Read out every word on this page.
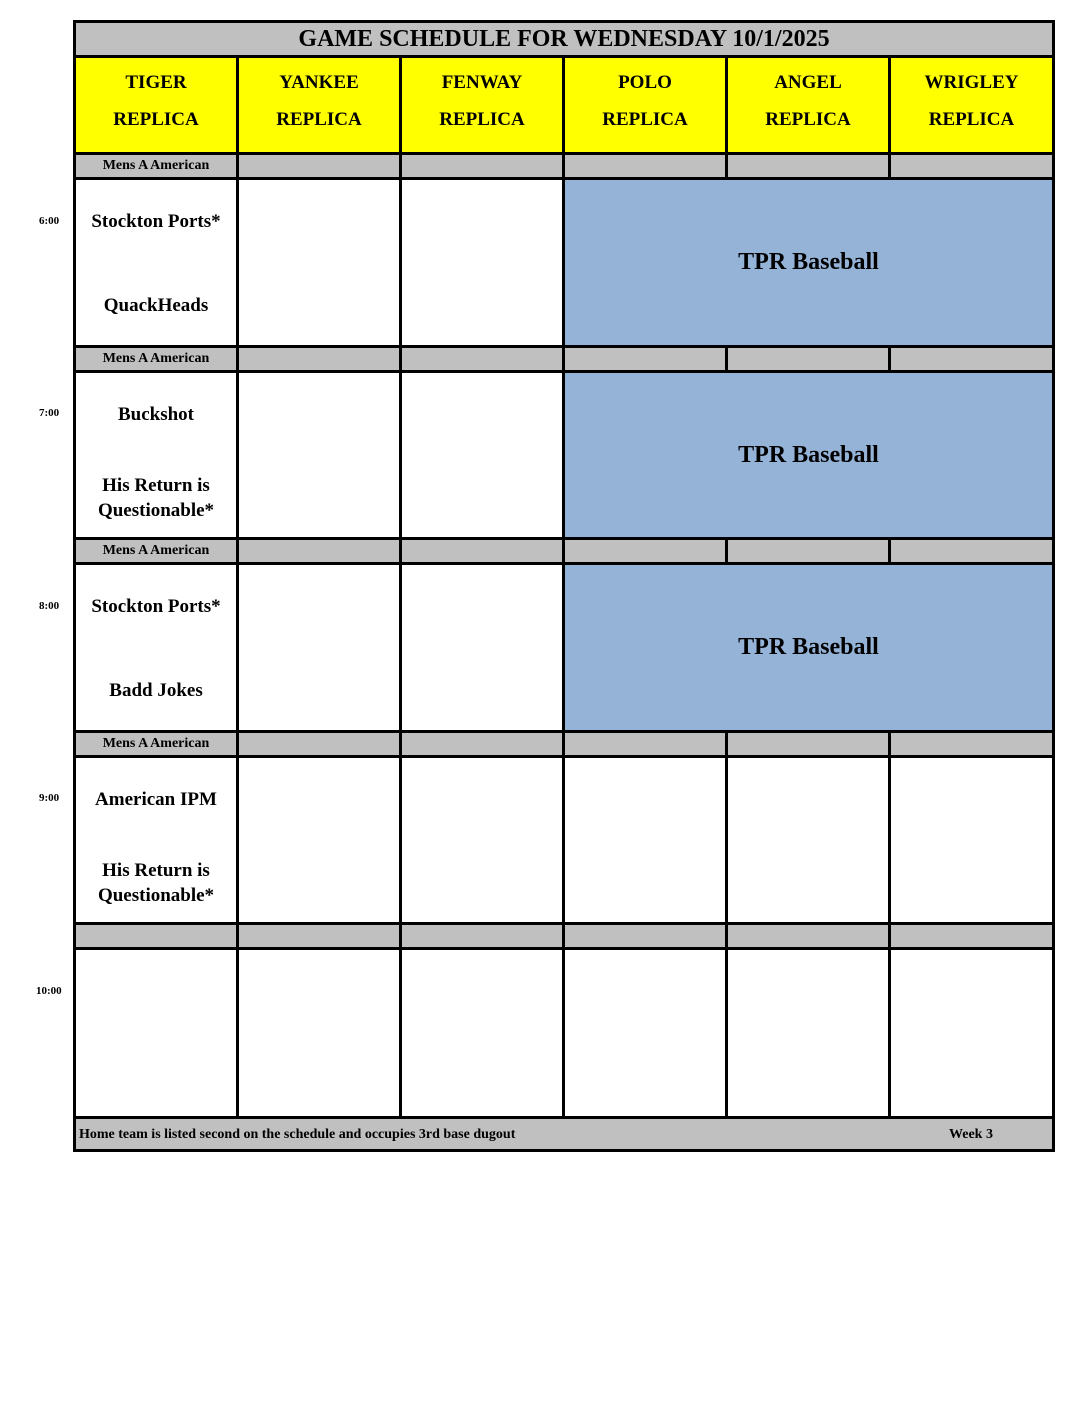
GAME SCHEDULE FOR WEDNESDAY 10/1/2025
TIGER
REPLICA
YANKEE
REPLICA
FENWAY
REPLICA
POLO
REPLICA
ANGEL
REPLICA
WRIGLEY
REPLICA
Mens A American
Stockton Ports*
QuackHeads
TPR Baseball
Mens A American
Buckshot
His Return is Questionable*
TPR Baseball
Mens A American
Stockton Ports*
Badd Jokes
TPR Baseball
Mens A American
American IPM
His Return is Questionable*
Home team is listed second on the schedule and occupies 3rd base dugout	Week 3
6:00
7:00
8:00
9:00
10:00
